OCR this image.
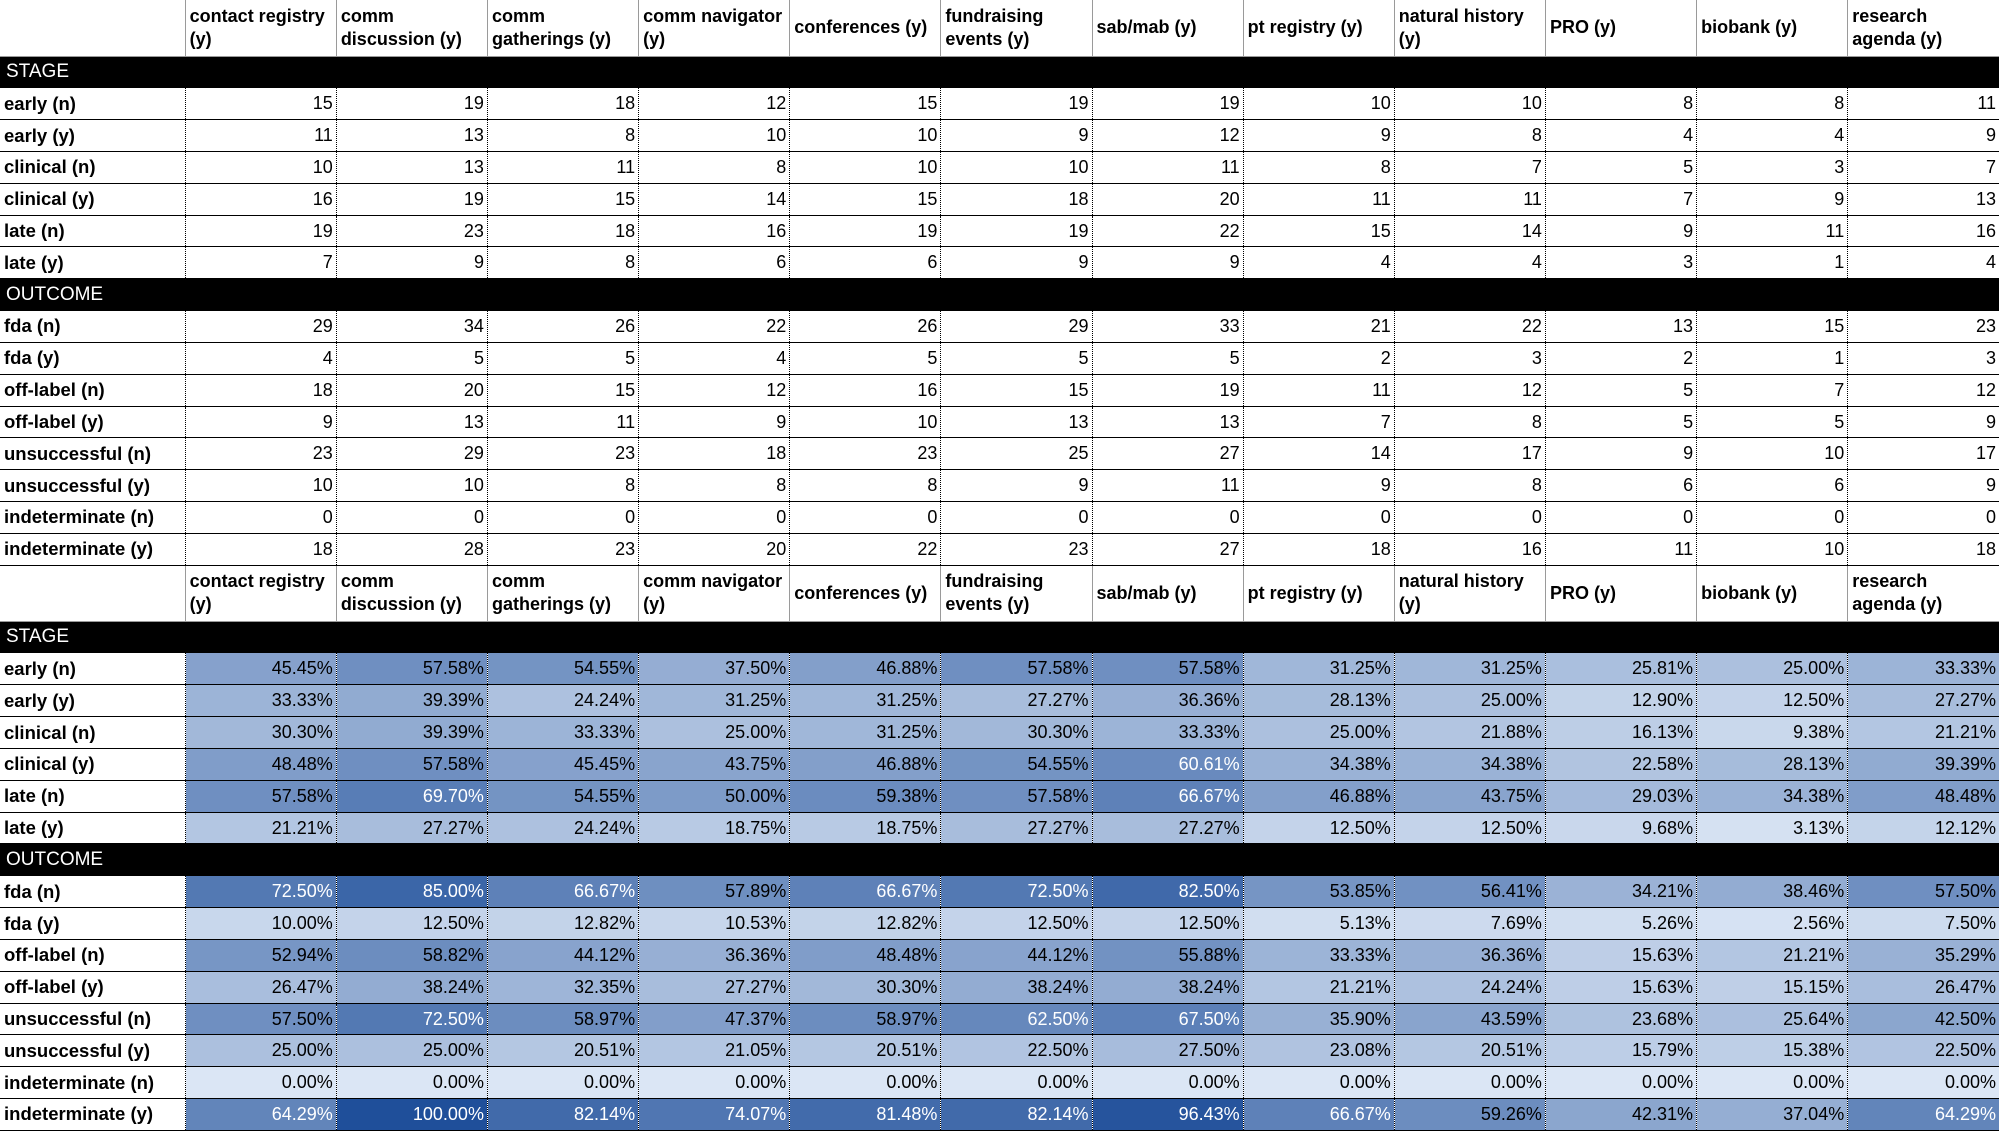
	contact registry (y)	comm discussion (y)	comm gatherings (y)	comm navigator (y)	conferences (y)	fundraising events (y)	sab/mab (y)	pt registry (y)	natural history (y)	PRO (y)	biobank (y)	research agenda (y)
STAGE												
early (n)	15	19	18	12	15	19	19	10	10	8	8	11
early (y)	11	13	8	10	10	9	12	9	8	4	4	9
clinical (n)	10	13	11	8	10	10	11	8	7	5	3	7
clinical (y)	16	19	15	14	15	18	20	11	11	7	9	13
late (n)	19	23	18	16	19	19	22	15	14	9	11	16
late (y)	7	9	8	6	6	9	9	4	4	3	1	4
OUTCOME												
fda (n)	29	34	26	22	26	29	33	21	22	13	15	23
fda (y)	4	5	5	4	5	5	5	2	3	2	1	3
off-label (n)	18	20	15	12	16	15	19	11	12	5	7	12
off-label (y)	9	13	11	9	10	13	13	7	8	5	5	9
unsuccessful (n)	23	29	23	18	23	25	27	14	17	9	10	17
unsuccessful (y)	10	10	8	8	8	9	11	9	8	6	6	9
indeterminate (n)	0	0	0	0	0	0	0	0	0	0	0	0
indeterminate (y)	18	28	23	20	22	23	27	18	16	11	10	18
	contact registry (y)	comm discussion (y)	comm gatherings (y)	comm navigator (y)	conferences (y)	fundraising events (y)	sab/mab (y)	pt registry (y)	natural history (y)	PRO (y)	biobank (y)	research agenda (y)
STAGE												
early (n)	45.45%	57.58%	54.55%	37.50%	46.88%	57.58%	57.58%	31.25%	31.25%	25.81%	25.00%	33.33%
early (y)	33.33%	39.39%	24.24%	31.25%	31.25%	27.27%	36.36%	28.13%	25.00%	12.90%	12.50%	27.27%
clinical (n)	30.30%	39.39%	33.33%	25.00%	31.25%	30.30%	33.33%	25.00%	21.88%	16.13%	9.38%	21.21%
clinical (y)	48.48%	57.58%	45.45%	43.75%	46.88%	54.55%	60.61%	34.38%	34.38%	22.58%	28.13%	39.39%
late (n)	57.58%	69.70%	54.55%	50.00%	59.38%	57.58%	66.67%	46.88%	43.75%	29.03%	34.38%	48.48%
late (y)	21.21%	27.27%	24.24%	18.75%	18.75%	27.27%	27.27%	12.50%	12.50%	9.68%	3.13%	12.12%
OUTCOME												
fda (n)	72.50%	85.00%	66.67%	57.89%	66.67%	72.50%	82.50%	53.85%	56.41%	34.21%	38.46%	57.50%
fda (y)	10.00%	12.50%	12.82%	10.53%	12.82%	12.50%	12.50%	5.13%	7.69%	5.26%	2.56%	7.50%
off-label (n)	52.94%	58.82%	44.12%	36.36%	48.48%	44.12%	55.88%	33.33%	36.36%	15.63%	21.21%	35.29%
off-label (y)	26.47%	38.24%	32.35%	27.27%	30.30%	38.24%	38.24%	21.21%	24.24%	15.63%	15.15%	26.47%
unsuccessful (n)	57.50%	72.50%	58.97%	47.37%	58.97%	62.50%	67.50%	35.90%	43.59%	23.68%	25.64%	42.50%
unsuccessful (y)	25.00%	25.00%	20.51%	21.05%	20.51%	22.50%	27.50%	23.08%	20.51%	15.79%	15.38%	22.50%
indeterminate (n)	0.00%	0.00%	0.00%	0.00%	0.00%	0.00%	0.00%	0.00%	0.00%	0.00%	0.00%	0.00%
indeterminate (y)	64.29%	100.00%	82.14%	74.07%	81.48%	82.14%	96.43%	66.67%	59.26%	42.31%	37.04%	64.29%
